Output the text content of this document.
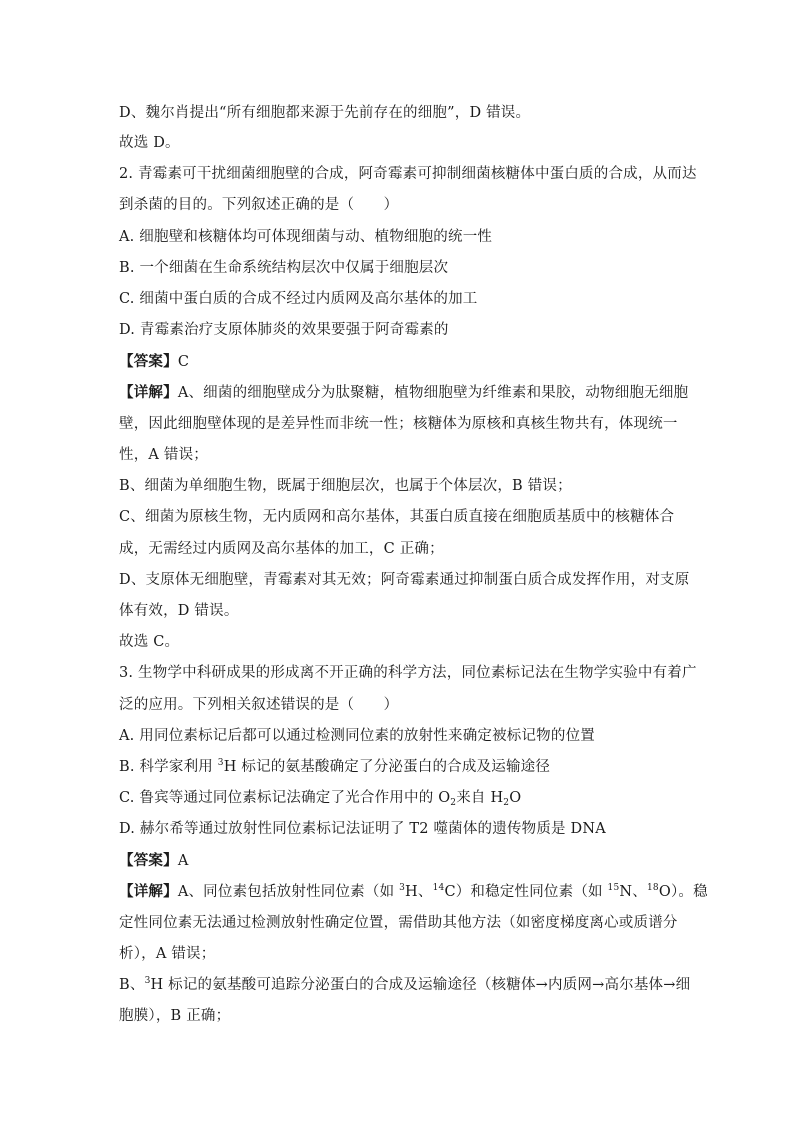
D、魏尔肖提出“所有细胞都来源于先前存在的细胞”，D 错误。
故选 D。
2. 青霉素可干扰细菌细胞壁的合成，阿奇霉素可抑制细菌核糖体中蛋白质的合成，从而达
到杀菌的目的。下列叙述正确的是（　　）
A. 细胞壁和核糖体均可体现细菌与动、植物细胞的统一性
B. 一个细菌在生命系统结构层次中仅属于细胞层次
C. 细菌中蛋白质的合成不经过内质网及高尔基体的加工
D. 青霉素治疗支原体肺炎的效果要强于阿奇霉素的
【答案】C
【详解】A、细菌的细胞壁成分为肽聚糖，植物细胞壁为纤维素和果胶，动物细胞无细胞
壁，因此细胞壁体现的是差异性而非统一性；核糖体为原核和真核生物共有，体现统一
性，A 错误；
B、细菌为单细胞生物，既属于细胞层次，也属于个体层次，B 错误；
C、细菌为原核生物，无内质网和高尔基体，其蛋白质直接在细胞质基质中的核糖体合
成，无需经过内质网及高尔基体的加工，C 正确；
D、支原体无细胞壁，青霉素对其无效；阿奇霉素通过抑制蛋白质合成发挥作用，对支原
体有效，D 错误。
故选 C。
3. 生物学中科研成果的形成离不开正确的科学方法，同位素标记法在生物学实验中有着广
泛的应用。下列相关叙述错误的是（　　）
A. 用同位素标记后都可以通过检测同位素的放射性来确定被标记物的位置
B. 科学家利用 $^3$H 标记的氨基酸确定了分泌蛋白的合成及运输途径
C. 鲁宾等通过同位素标记法确定了光合作用中的 $O_2$来自 $H_2O$
D. 赫尔希等通过放射性同位素标记法证明了 T2 噬菌体的遗传物质是 DNA
【答案】A
【详解】A、同位素包括放射性同位素（如 $^3$H、$^{14}$C）和稳定性同位素（如 $^{15}$N、$^{18}$O）。稳
定性同位素无法通过检测放射性确定位置，需借助其他方法（如密度梯度离心或质谱分
析），A 错误；
B、$^3$H 标记的氨基酸可追踪分泌蛋白的合成及运输途径（核糖体→内质网→高尔基体→细
胞膜），B 正确；
